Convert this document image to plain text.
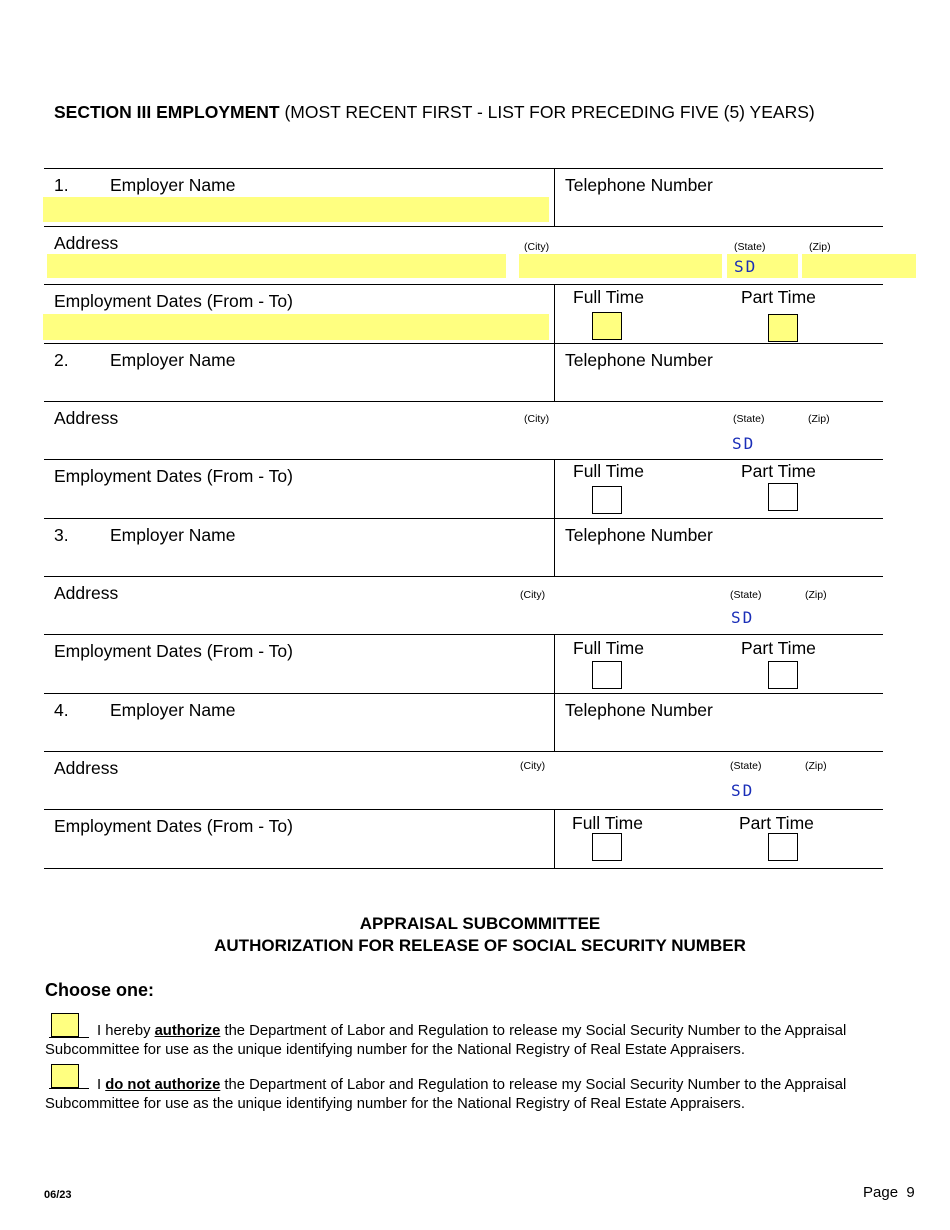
SECTION III EMPLOYMENT (MOST RECENT FIRST - LIST FOR PRECEDING FIVE (5) YEARS)
1. Employer Name	Telephone Number
Address	(City)	(State)	(Zip)
SD
Employment Dates (From - To)	Full Time	Part Time
2. Employer Name	Telephone Number
Address	(City)	(State)	(Zip)
SD
Employment Dates (From - To)	Full Time	Part Time
3. Employer Name	Telephone Number
Address	(City)	(State)	(Zip)
SD
Employment Dates (From - To)	Full Time	Part Time
4. Employer Name	Telephone Number
Address	(City)	(State)	(Zip)
SD
Employment Dates (From - To)	Full Time	Part Time
APPRAISAL SUBCOMMITTEE
AUTHORIZATION FOR RELEASE OF SOCIAL SECURITY NUMBER
Choose one:
I hereby authorize the Department of Labor and Regulation to release my Social Security Number to the Appraisal Subcommittee for use as the unique identifying number for the National Registry of Real Estate Appraisers.
I do not authorize the Department of Labor and Regulation to release my Social Security Number to the Appraisal Subcommittee for use as the unique identifying number for the National Registry of Real Estate Appraisers.
06/23	Page  9
